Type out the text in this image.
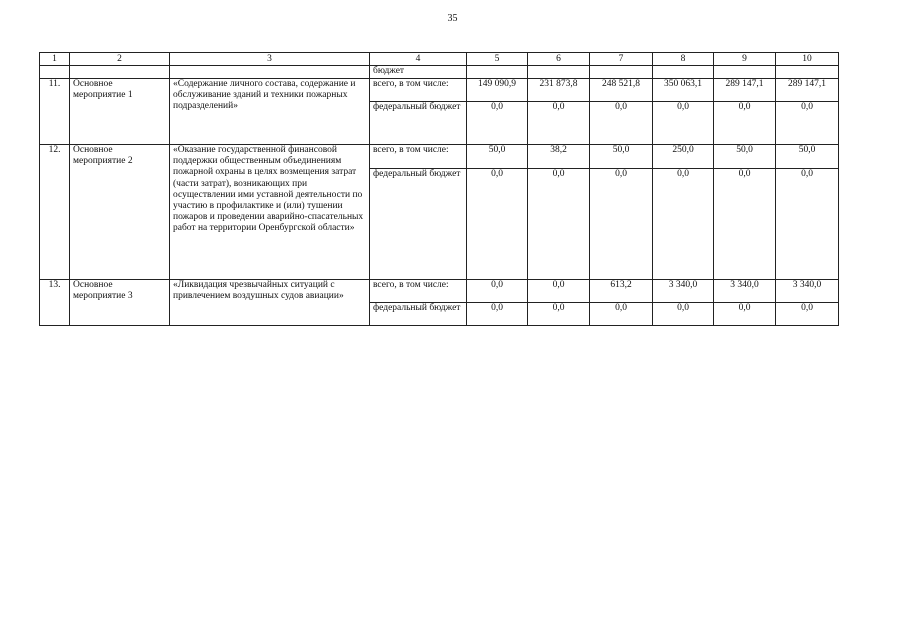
35
1	2	3	4	5	6	7	8	9	10
			бюджет						
11.	Основное мероприятие 1	«Содержание личного состава, содержание и обслуживание зданий и техники пожарных подразделений»	всего, в том числе:	149 090,9	231 873,8	248 521,8	350 063,1	289 147,1	289 147,1
			федеральный бюджет	0,0	0,0	0,0	0,0	0,0	0,0
12.	Основное мероприятие 2	«Оказание государственной финансовой поддержки общественным объединениям пожарной охраны в целях возмещения затрат (части затрат), возникающих при осуществлении ими уставной деятельности по участию в профилактике и (или) тушении пожаров и проведении аварийно-спасательных работ на территории Оренбургской области»	всего, в том числе:	50,0	38,2	50,0	250,0	50,0	50,0
			федеральный бюджет	0,0	0,0	0,0	0,0	0,0	0,0
13.	Основное мероприятие 3	«Ликвидация чрезвычайных ситуаций с привлечением воздушных судов авиации»	всего, в том числе:	0,0	0,0	613,2	3 340,0	3 340,0	3 340,0
			федеральный бюджет	0,0	0,0	0,0	0,0	0,0	0,0
